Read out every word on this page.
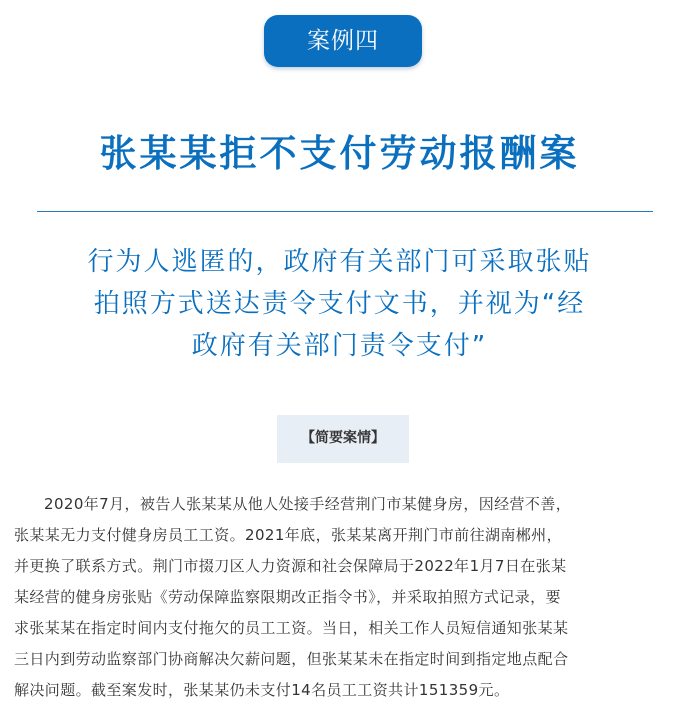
案例四
张某某拒不支付劳动报酬案
行为人逃匿的，政府有关部门可采取张贴
拍照方式送达责令支付文书，并视为“经
政府有关部门责令支付”
【简要案情】
2020年7月，被告人张某某从他人处接手经营荆门市某健身房，因经营不善，
张某某无力支付健身房员工工资。2021年底，张某某离开荆门市前往湖南郴州，
并更换了联系方式。荆门市掇刀区人力资源和社会保障局于2022年1月7日在张某
某经营的健身房张贴《劳动保障监察限期改正指令书》，并采取拍照方式记录，要
求张某某在指定时间内支付拖欠的员工工资。当日，相关工作人员短信通知张某某
三日内到劳动监察部门协商解决欠薪问题，但张某某未在指定时间到指定地点配合
解决问题。截至案发时，张某某仍未支付14名员工工资共计151359元。
